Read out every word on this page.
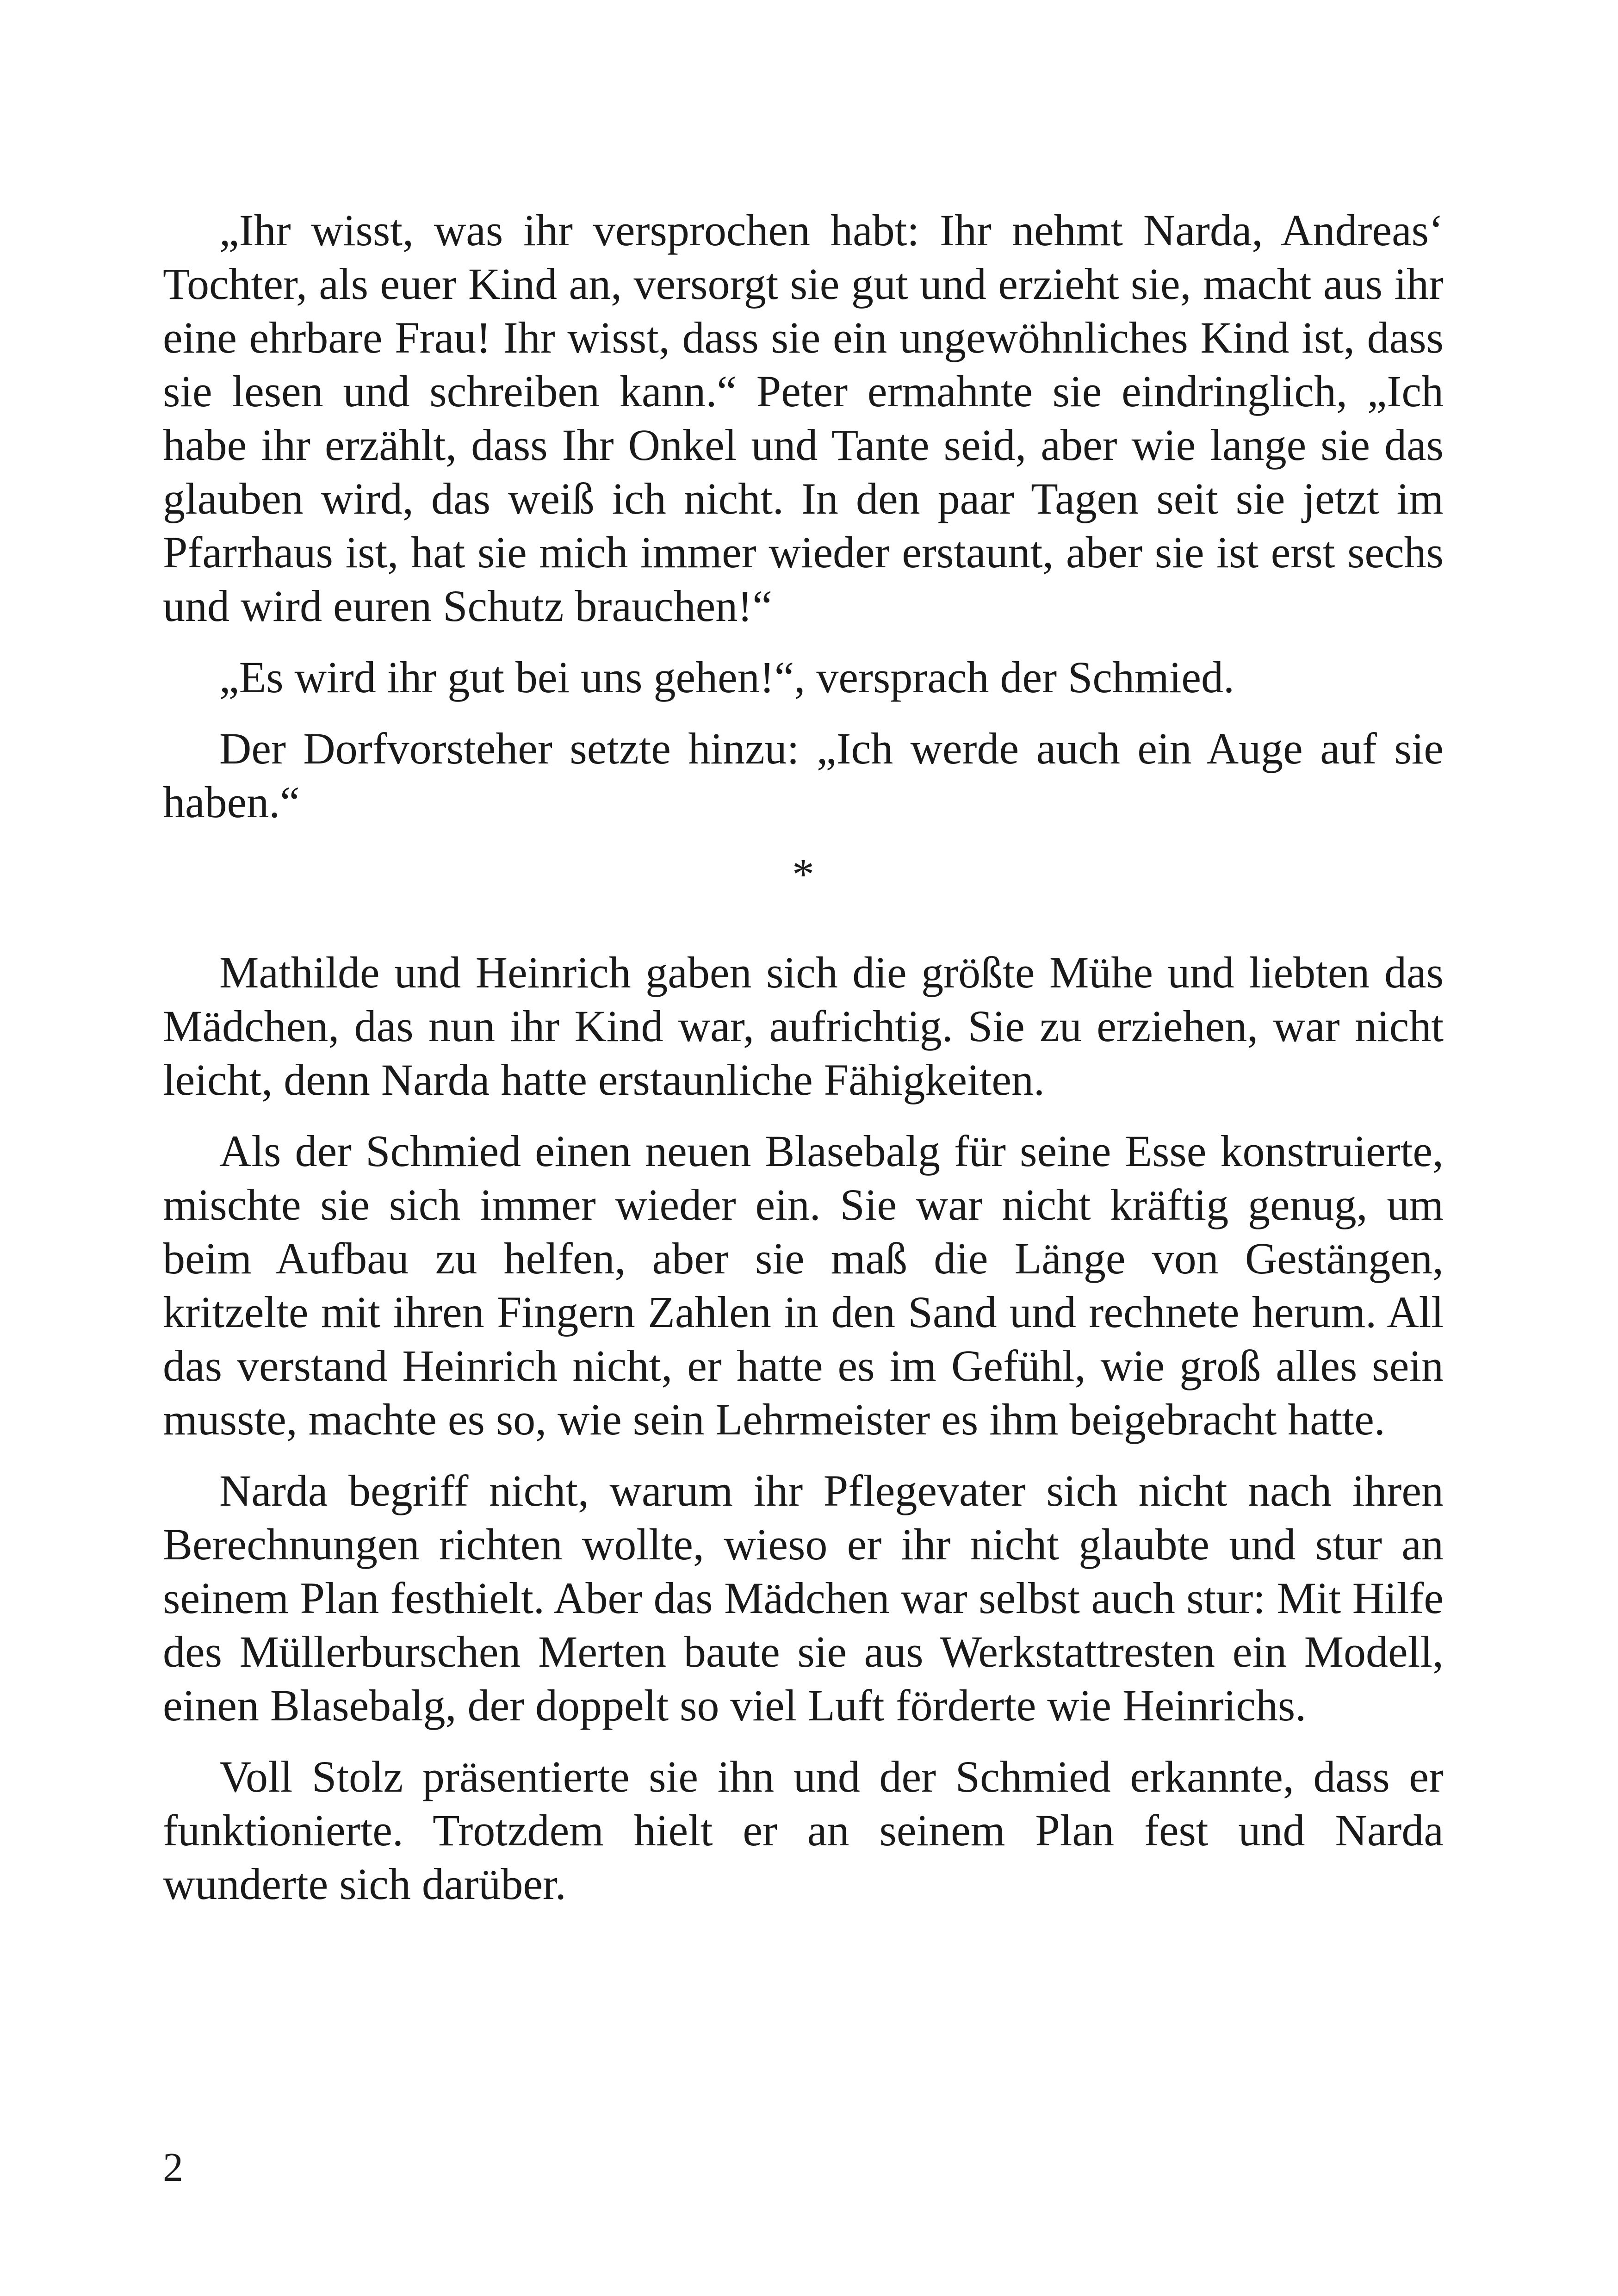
„Ihr wisst, was ihr versprochen habt: Ihr nehmt Narda, Andreas‘ Tochter, als euer Kind an, versorgt sie gut und erzieht sie, macht aus ihr eine ehrbare Frau! Ihr wisst, dass sie ein ungewöhnliches Kind ist, dass sie lesen und schreiben kann.“ Peter ermahnte sie eindringlich, „Ich habe ihr erzählt, dass Ihr Onkel und Tante seid, aber wie lange sie das glauben wird, das weiß ich nicht. In den paar Tagen seit sie jetzt im Pfarrhaus ist, hat sie mich immer wieder erstaunt, aber sie ist erst sechs und wird euren Schutz brauchen!“

„Es wird ihr gut bei uns gehen!“, versprach der Schmied.

Der Dorfvorsteher setzte hinzu: „Ich werde auch ein Auge auf sie haben.“

*

Mathilde und Heinrich gaben sich die größte Mühe und liebten das Mädchen, das nun ihr Kind war, aufrichtig. Sie zu erziehen, war nicht leicht, denn Narda hatte erstaunliche Fähigkeiten.

Als der Schmied einen neuen Blasebalg für seine Esse konstruierte, mischte sie sich immer wieder ein. Sie war nicht kräftig genug, um beim Aufbau zu helfen, aber sie maß die Länge von Gestängen, kritzelte mit ihren Fingern Zahlen in den Sand und rechnete herum. All das verstand Heinrich nicht, er hatte es im Gefühl, wie groß alles sein musste, machte es so, wie sein Lehrmeister es ihm beigebracht hatte.

Narda begriff nicht, warum ihr Pflegevater sich nicht nach ihren Berechnungen richten wollte, wieso er ihr nicht glaubte und stur an seinem Plan festhielt. Aber das Mädchen war selbst auch stur: Mit Hilfe des Müllerburschen Merten baute sie aus Werkstattresten ein Modell, einen Blasebalg, der doppelt so viel Luft förderte wie Heinrichs.

Voll Stolz präsentierte sie ihn und der Schmied erkannte, dass er funktionierte. Trotzdem hielt er an seinem Plan fest und Narda wunderte sich darüber.

2
